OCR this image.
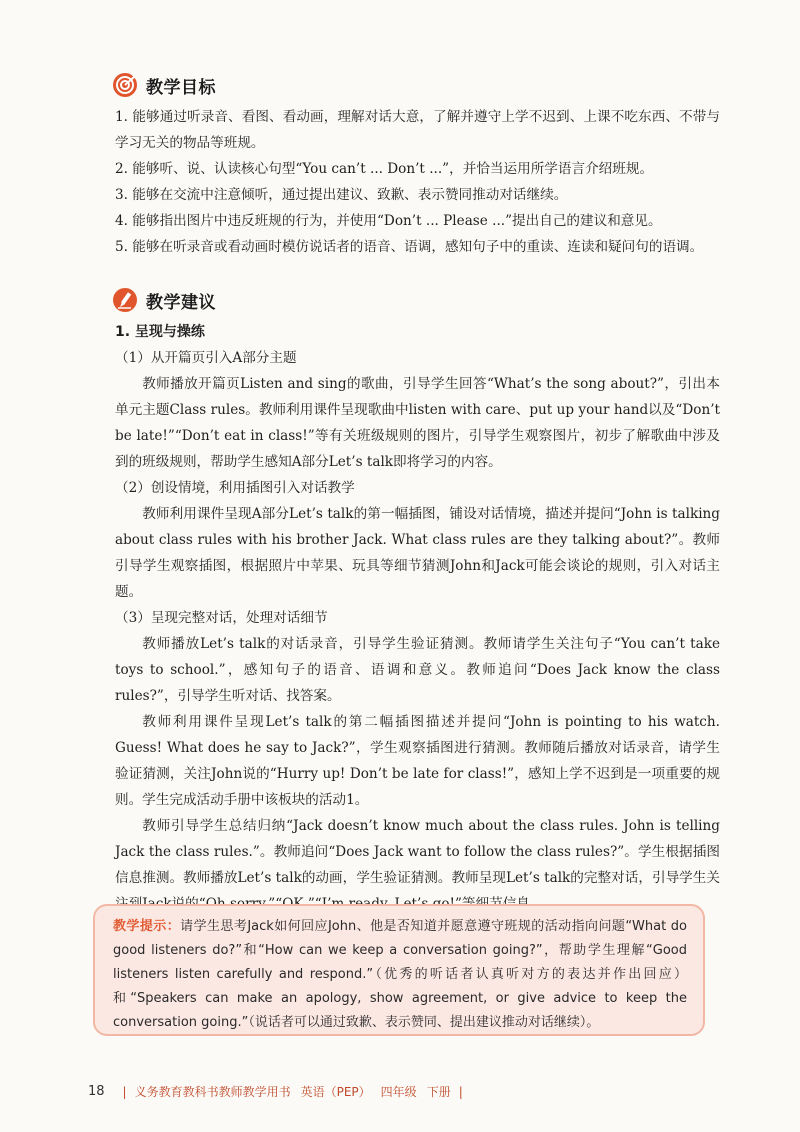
教学目标

1. 能够通过听录音、看图、看动画，理解对话大意，了解并遵守上学不迟到、上课不吃东西、不带与学习无关的物品等班规。

2. 能够听、说、认读核心句型“You can’t ... Don’t ...”，并恰当运用所学语言介绍班规。

3. 能够在交流中注意倾听，通过提出建议、致歉、表示赞同推动对话继续。

4. 能够指出图片中违反班规的行为，并使用“Don’t ... Please ...”提出自己的建议和意见。

5. 能够在听录音或看动画时模仿说话者的语音、语调，感知句子中的重读、连读和疑问句的语调。

教学建议

1. 呈现与操练

（1）从开篇页引入A部分主题

教师播放开篇页Listen and sing的歌曲，引导学生回答“What’s the song about?”，引出本单元主题Class rules。教师利用课件呈现歌曲中listen with care、put up your hand以及“Don’t be late!”“Don’t eat in class!”等有关班级规则的图片，引导学生观察图片，初步了解歌曲中涉及到的班级规则，帮助学生感知A部分Let’s talk即将学习的内容。

（2）创设情境，利用插图引入对话教学

教师利用课件呈现A部分Let’s talk的第一幅插图，铺设对话情境，描述并提问“John is talking about class rules with his brother Jack. What class rules are they talking about?”。教师引导学生观察插图，根据照片中苹果、玩具等细节猜测John和Jack可能会谈论的规则，引入对话主题。

（3）呈现完整对话，处理对话细节

教师播放Let’s talk的对话录音，引导学生验证猜测。教师请学生关注句子“You can’t take toys to school.”，感知句子的语音、语调和意义。教师追问“Does Jack know the class rules?”，引导学生听对话、找答案。

教师利用课件呈现Let’s talk的第二幅插图描述并提问“John is pointing to his watch. Guess! What does he say to Jack?”，学生观察插图进行猜测。教师随后播放对话录音，请学生验证猜测，关注John说的“Hurry up! Don’t be late for class!”，感知上学不迟到是一项重要的规则。学生完成活动手册中该板块的活动1。

教师引导学生总结归纳“Jack doesn’t know much about the class rules. John is telling Jack the class rules.”。教师追问“Does Jack want to follow the class rules?”。学生根据插图信息推测。教师播放Let’s talk的动画，学生验证猜测。教师呈现Let’s talk的完整对话，引导学生关

教学提示：请学生思考Jack如何回应John、他是否知道并愿意遵守班规的活动指向问题“What do good listeners do?”和“How can we keep a conversation going?”，帮助学生理解“Good listeners listen carefully and respond.”（优秀的听话者认真听对方的表达并作出回应）和“Speakers can make an apology, show agreement, or give advice to keep the conversation going.”（说话者可以通过致歉、表示赞同、提出建议推动对话继续）。
18 | 义务教育教科书教师教学用书 英语（PEP） 四年级 下册 |
